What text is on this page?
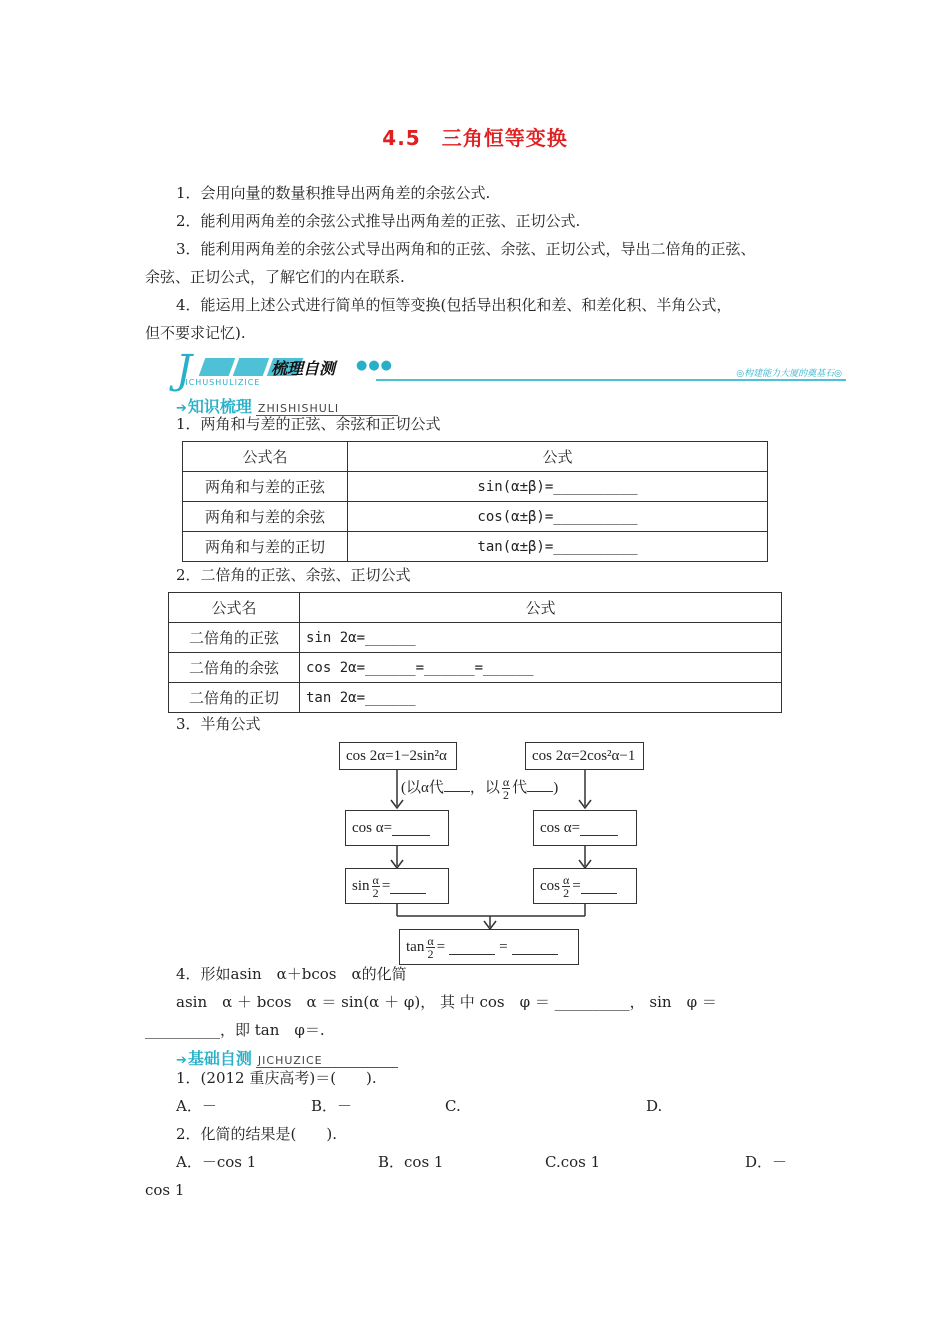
4.5　三角恒等变换
1．会用向量的数量积推导出两角差的余弦公式.
2．能利用两角差的余弦公式推导出两角差的正弦、正切公式.
3．能利用两角差的余弦公式导出两角和的正弦、余弦、正切公式，导出二倍角的正弦、
余弦、正切公式，了解它们的内在联系.
4．能运用上述公式进行简单的恒等变换(包括导出积化和差、和差化积、半角公式，
但不要求记忆).
J	梳理自测 ●●●
JICHUSHULIZICE
◎构建能力大厦的奠基石◎
➔知识梳理 ZHISHISHULI
1．两角和与差的正弦、余弦和正切公式
公式名	公式
两角和与差的正弦	sin(α±β)=__________
两角和与差的余弦	cos(α±β)=__________
两角和与差的正切	tan(α±β)=__________
2．二倍角的正弦、余弦、正切公式
公式名	公式
二倍角的正弦	sin 2α=______
二倍角的余弦	cos 2α=______=______=______
二倍角的正切	tan 2α=______
3．半角公式
cos 2α=1−2sin²α	cos 2α=2cos²α−1
(以α代 ，以 $\frac{\alpha}{2}$ 代 )
cos α=	cos α=
$\sin \frac{\alpha}{2}$ =	$\cos \frac{\alpha}{2}$ =
$\tan \frac{\alpha}{2}$ =	=
4．形如asin　α＋bcos　α的化简
asin　α ＋ bcos　α ＝ sin(α ＋ φ)， 其 中 cos　φ ＝ __________， sin　φ ＝
__________，即 tan　φ＝.
➔基础自测 JICHUZICE
1．(2012 重庆高考)＝(　　).
A．－	B．－	C.	D.
2．化简的结果是(　　).
A．－cos 1	B．cos 1	C.cos 1	D．－
cos 1
